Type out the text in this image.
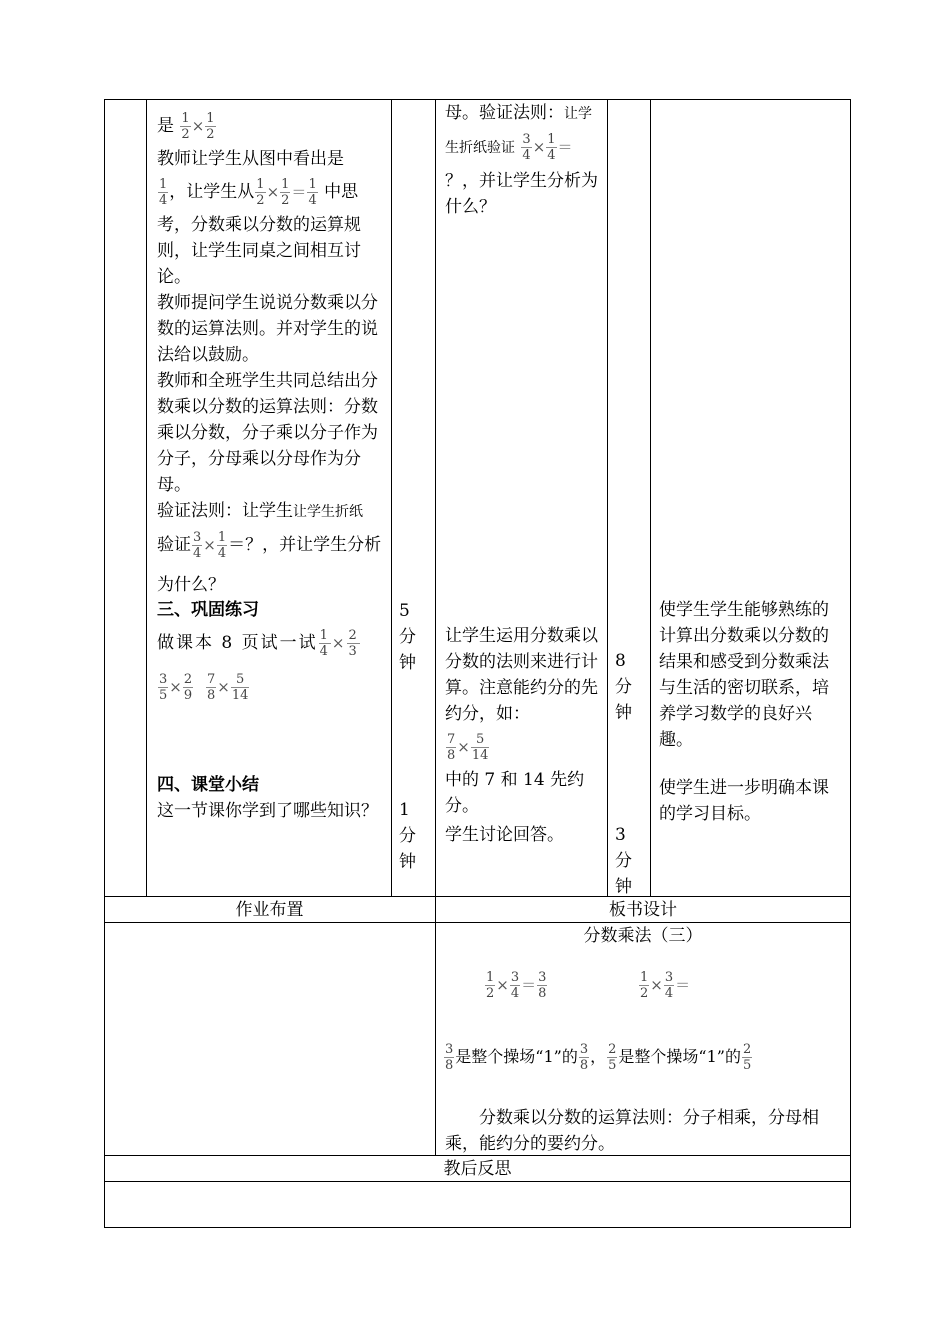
是 $\frac{1}{2} \times \frac{1}{2}$

教师让学生从图中看出是

$\frac{1}{4}$ ，让学生从 $\frac{1}{2} \times \frac{1}{2} = \frac{1}{4}$ 中思

考，分数乘以分数的运算规则，让学生同桌之间相互讨论。

教师提问学生说说分数乘以分数的运算法则。并对学生的说法给以鼓励。

教师和全班学生共同总结出分数乘以分数的运算法则：分数乘以分数，分子乘以分子作为分子，分母乘以分母作为分母。

验证法则：让学生让学生折纸

验证 $\frac{3}{4} \times \frac{1}{4}$ ＝？，并让学生分析为什么？

三、巩固练习

做课本 8 页试一试 $\frac{1}{4} \times \frac{2}{3}$

$\frac{3}{5} \times \frac{2}{9}$
$\frac{7}{8} \times \frac{5}{14}$

四、课堂小结

这一节课你学到了哪些知识？

5

分钟

1

分钟

母。验证法则：让学

生折纸验证 $\frac{3}{4} \times \frac{1}{4}$ ＝

？，并让学生分析为什么？

让学生运用分数乘以分数的法则来进行计算。注意能约分的先约分，如：

$\frac{7}{8} \times \frac{5}{14}$

中的 7 和 14 先约分。

学生讨论回答。

8

分钟

3

分钟

使学生学生能够熟练的计算出分数乘以分数的结果和感受到分数乘法与生活的密切联系，培养学习数学的良好兴趣。

使学生进一步明确本课的学习目标。

作业布置	板书设计
分数乘法（三）
$\frac{1}{2} \times \frac{3}{4} = \frac{3}{8}$	$\frac{1}{2} \times \frac{3}{4}$ ＝
$\frac{3}{8}$ 是整个操场“1”的 $\frac{3}{8}$ ， $\frac{2}{5}$ 是整个操场“1”的 $\frac{2}{5}$

分数乘以分数的运算法则：分子相乘，分母相乘，能约分的要约分。

教后反思
